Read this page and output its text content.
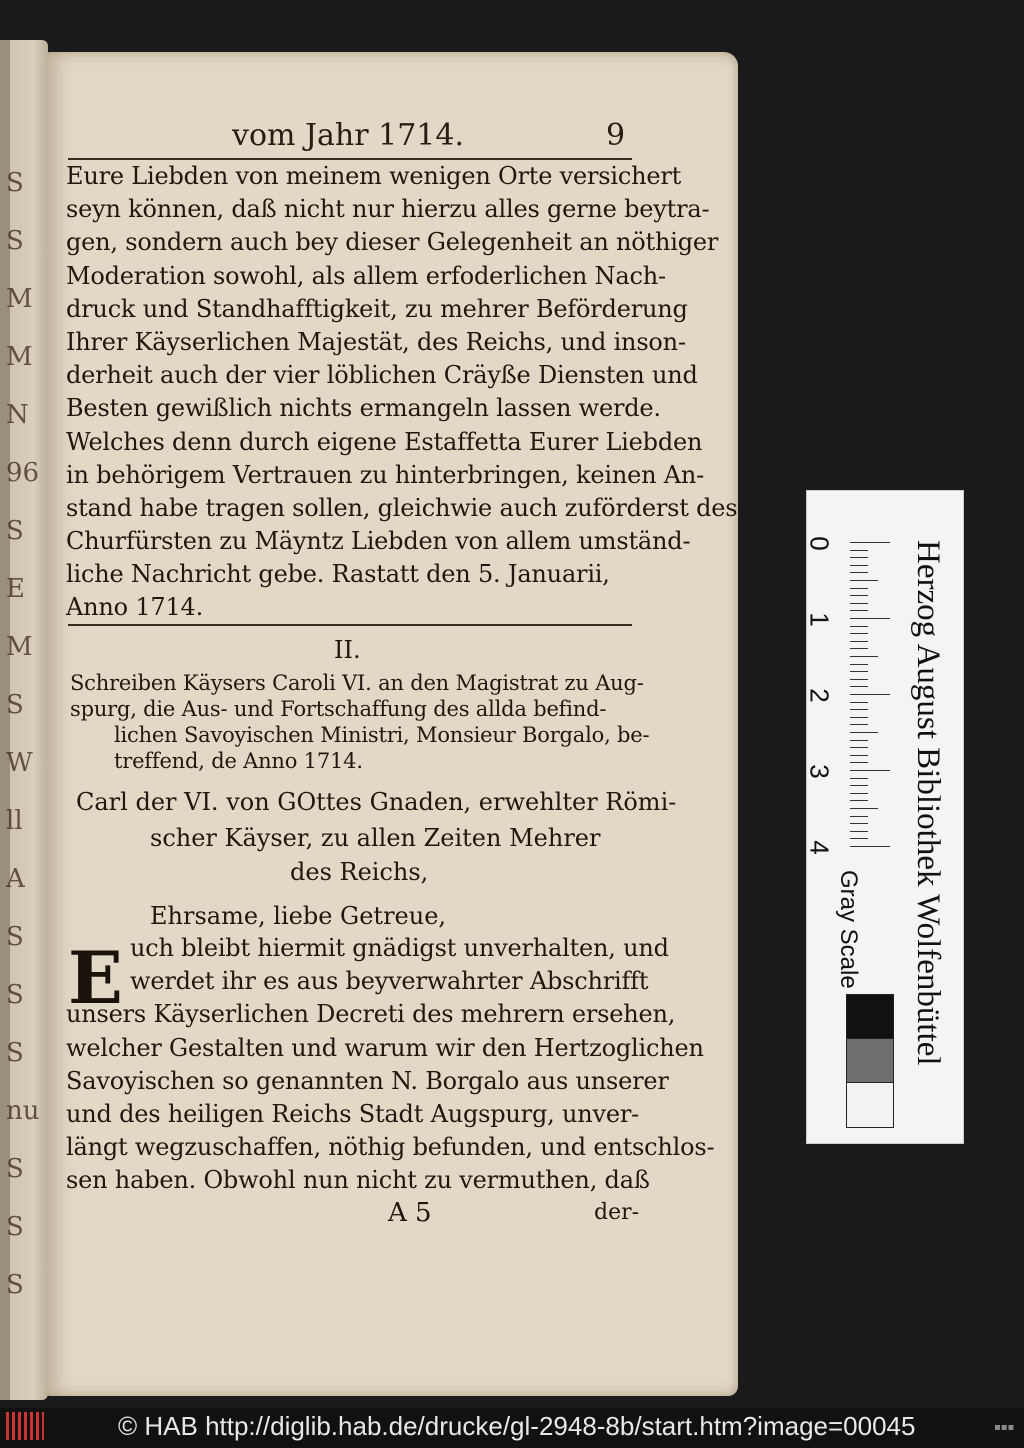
S
S
M
M
N
96
S
E
M
S
W
ll
A
S
S
S
nu
S
S
S
vom Jahr 1714.	9
Eure Liebden von meinem wenigen Orte versichert
seyn können, daß nicht nur hierzu alles gerne beytra-
gen, sondern auch bey dieser Gelegenheit an nöthiger
Moderation sowohl, als allem erfoderlichen Nach-
druck und Standhafftigkeit, zu mehrer Beförderung
Ihrer Käyserlichen Majestät, des Reichs, und inson-
derheit auch der vier löblichen Cräyße Diensten und
Besten gewißlich nichts ermangeln lassen werde.
Welches denn durch eigene Estaffetta Eurer Liebden
in behörigem Vertrauen zu hinterbringen, keinen An-
stand habe tragen sollen, gleichwie auch zuförderst des
Churfürsten zu Mäyntz Liebden von allem umständ-
liche Nachricht gebe. Rastatt den 5. Januarii,
Anno 1714.
II.
Schreiben Käysers Caroli VI. an den Magistrat zu Aug-
spurg, die Aus- und Fortschaffung des allda befind-
lichen Savoyischen Ministri, Monsieur Borgalo, be-
treffend, de Anno 1714.
Carl der VI. von GOttes Gnaden, erwehlter Römi-
scher Käyser, zu allen Zeiten Mehrer
des Reichs,
Ehrsame, liebe Getreue,
E uch bleibt hiermit gnädigst unverhalten, und
werdet ihr es aus beyverwahrter Abschrifft
unsers Käyserlichen Decreti des mehrern ersehen,
welcher Gestalten und warum wir den Hertzoglichen
Savoyischen so genannten N. Borgalo aus unserer
und des heiligen Reichs Stadt Augspurg, unver-
längt wegzuschaffen, nöthig befunden, und entschlos-
sen haben. Obwohl nun nicht zu vermuthen, daß
A 5	der-
Herzog August Bibliothek Wolfenbüttel
0
1
2
3
4
Gray Scale
© HAB http://diglib.hab.de/drucke/gl-2948-8b/start.htm?image=00045	▪▪▪
